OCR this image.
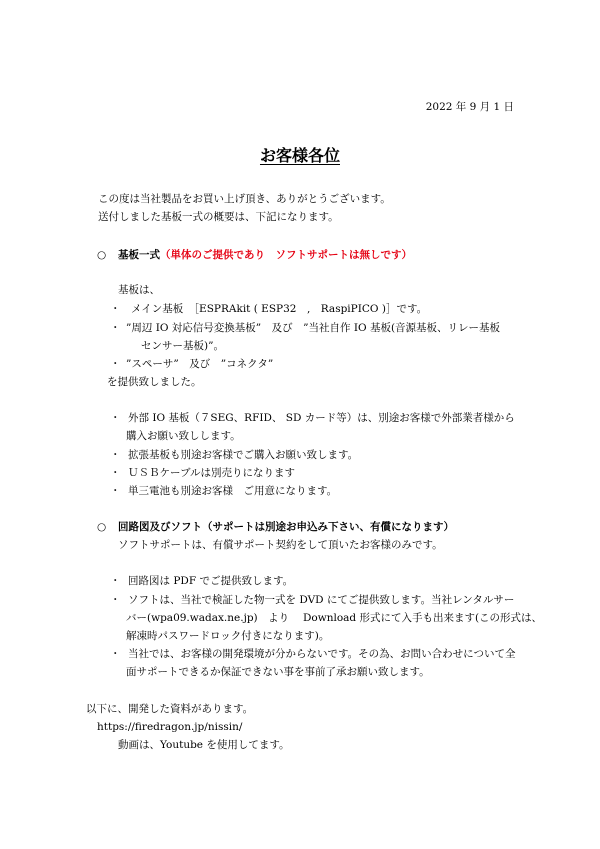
2022 年 9 月 1 日
お客様各位
この度は当社製品をお買い上げ頂き、ありがとうございます。
送付しました基板一式の概要は、下記になります。
○ 基板一式（単体のご提供であり　ソフトサポートは無しです）
基板は、
・ メイン基板　［ESPRAkit ( ESP32　,　RaspiPICO )］です。
・ ”周辺 IO 対応信号変換基板”　及び　”当社自作 IO 基板(音源基板、リレー基板
センサー基板)”。
・ ”スペーサ”　及び　”コネクタ”
を提供致しました。
・ 外部 IO 基板（７SEG、RFID、 SD カード等）は、別途お客様で外部業者様から
購入お願い致しします。
・ 拡張基板も別途お客様でご購入お願い致します。
・ ＵＳＢケーブルは別売りになります
・ 単三電池も別途お客様　ご用意になります。
○ 回路図及びソフト（サポートは別途お申込み下さい、有償になります）
ソフトサポートは、有償サポート契約をして頂いたお客様のみです。
・ 回路図は PDF でご提供致します。
・ ソフトは、当社で検証した物一式を DVD にてご提供致します。当社レンタルサー
バー(wpa09.wadax.ne.jp)　より　 Download 形式にて入手も出来ます(この形式は、
解凍時パスワードロック付きになります)。
・ 当社では、お客様の開発環境が分からないです。その為、お問い合わせについて全
面サポートできるか保証できない事を事前了承お願い致します。
以下に、開発した資料があります。
https://firedragon.jp/nissin/
動画は、Youtube を使用してます。
